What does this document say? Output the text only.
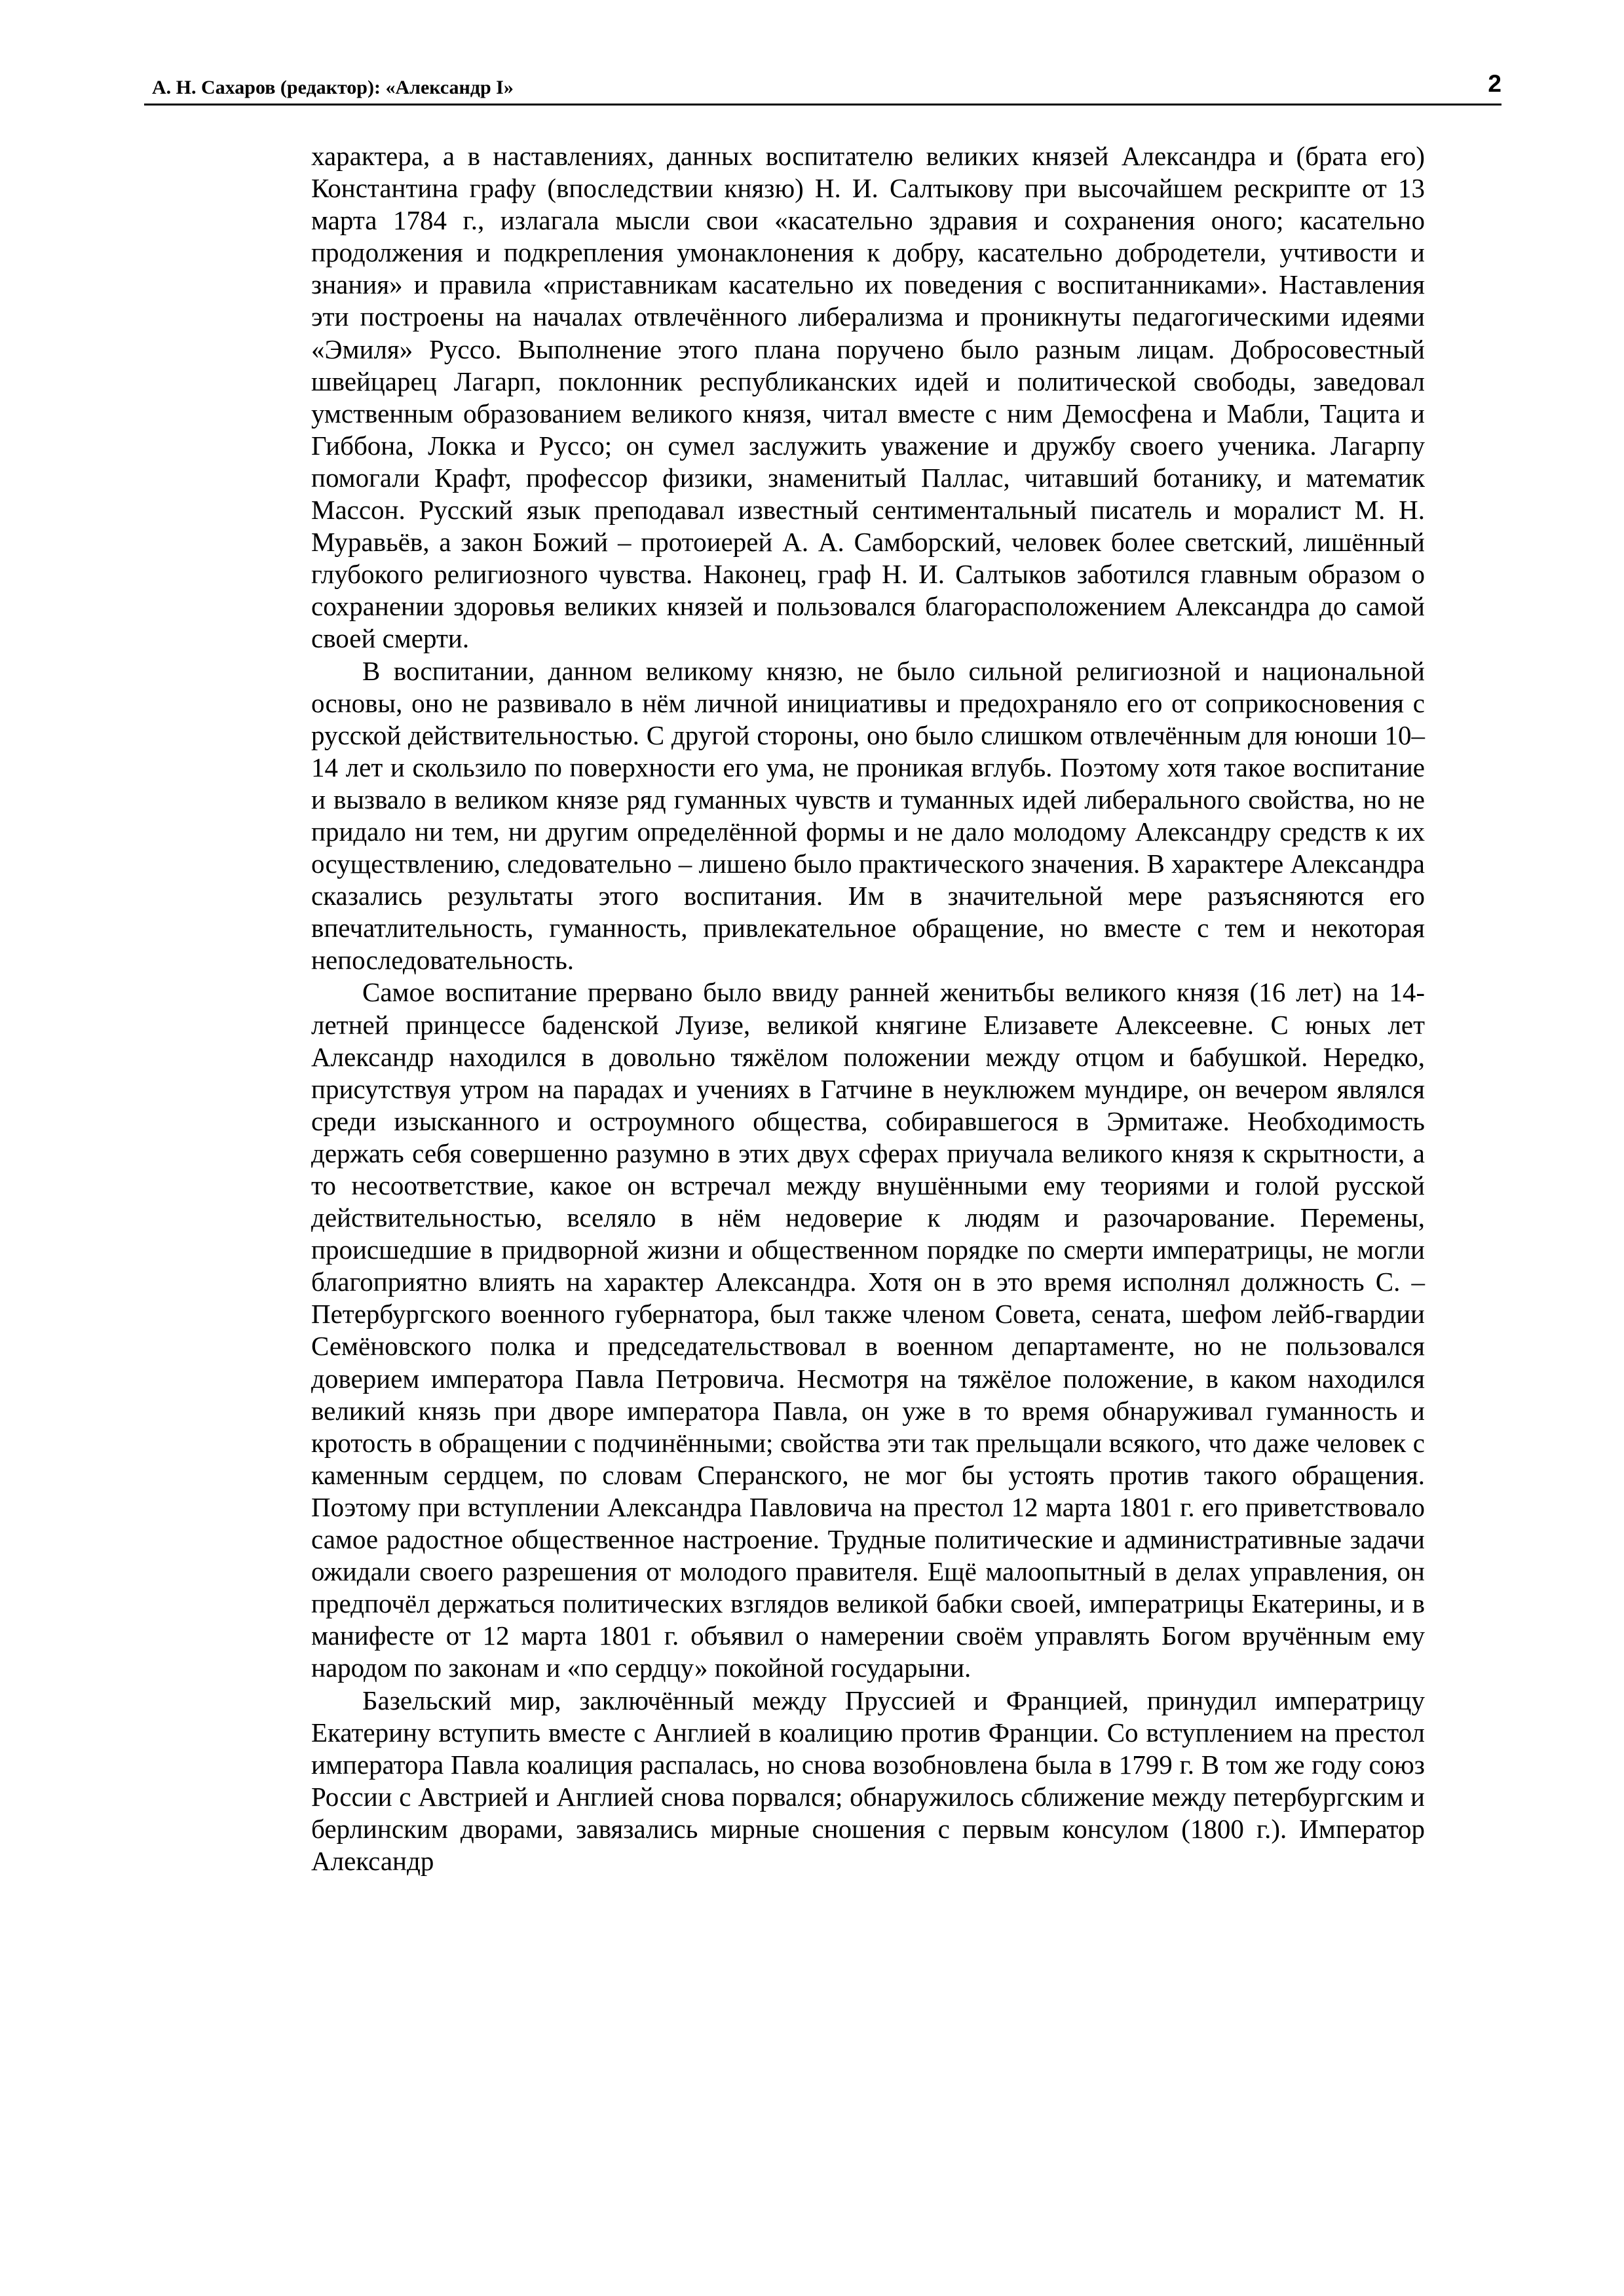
А. Н. Сахаров (редактор): «Александр I»	2

характера, а в наставлениях, данных воспитателю великих князей Александра и (брата его) Константина графу (впоследствии князю) Н. И. Салтыкову при высочайшем рескрипте от 13 марта 1784 г., излагала мысли свои «касательно здравия и сохранения оного; касательно продолжения и подкрепления умонаклонения к добру, касательно добродетели, учтивости и знания» и правила «приставникам касательно их поведения с воспитанниками». Наставления эти построены на началах отвлечённого либерализма и проникнуты педагогическими идеями «Эмиля» Руссо. Выполнение этого плана поручено было разным лицам. Добросовестный швейцарец Лагарп, поклонник республиканских идей и политической свободы, заведовал умственным образованием великого князя, читал вместе с ним Демосфена и Мабли, Тацита и Гиббона, Локка и Руссо; он сумел заслужить уважение и дружбу своего ученика. Лагарпу помогали Крафт, профессор физики, знаменитый Паллас, читавший ботанику, и математик Массон. Русский язык преподавал известный сентиментальный писатель и моралист М. Н. Муравьёв, а закон Божий – протоиерей А. А. Самборский, человек более светский, лишённый глубокого религиозного чувства. Наконец, граф Н. И. Салтыков заботился главным образом о сохранении здоровья великих князей и пользовался благорасположением Александра до самой своей смерти.

В воспитании, данном великому князю, не было сильной религиозной и национальной основы, оно не развивало в нём личной инициативы и предохраняло его от соприкосновения с русской действительностью. С другой стороны, оно было слишком отвлечённым для юноши 10–14 лет и скользило по поверхности его ума, не проникая вглубь. Поэтому хотя такое воспитание и вызвало в великом князе ряд гуманных чувств и туманных идей либерального свойства, но не придало ни тем, ни другим определённой формы и не дало молодому Александру средств к их осуществлению, следовательно – лишено было практического значения. В характере Александра сказались результаты этого воспитания. Им в значительной мере разъясняются его впечатлительность, гуманность, привлекательное обращение, но вместе с тем и некоторая непоследовательность.

Самое воспитание прервано было ввиду ранней женитьбы великого князя (16 лет) на 14-летней принцессе баденской Луизе, великой княгине Елизавете Алексеевне. С юных лет Александр находился в довольно тяжёлом положении между отцом и бабушкой. Нередко, присутствуя утром на парадах и учениях в Гатчине в неуклюжем мундире, он вечером являлся среди изысканного и остроумного общества, собиравшегося в Эрмитаже. Необходимость держать себя совершенно разумно в этих двух сферах приучала великого князя к скрытности, а то несоответствие, какое он встречал между внушёнными ему теориями и голой русской действительностью, вселяло в нём недоверие к людям и разочарование. Перемены, происшедшие в придворной жизни и общественном порядке по смерти императрицы, не могли благоприятно влиять на характер Александра. Хотя он в это время исполнял должность С. – Петербургского военного губернатора, был также членом Совета, сената, шефом лейб-гвардии Семёновского полка и председательствовал в военном департаменте, но не пользовался доверием императора Павла Петровича. Несмотря на тяжёлое положение, в каком находился великий князь при дворе императора Павла, он уже в то время обнаруживал гуманность и кротость в обращении с подчинёнными; свойства эти так прельщали всякого, что даже человек с каменным сердцем, по словам Сперанского, не мог бы устоять против такого обращения. Поэтому при вступлении Александра Павловича на престол 12 марта 1801 г. его приветствовало самое радостное общественное настроение. Трудные политические и административные задачи ожидали своего разрешения от молодого правителя. Ещё малоопытный в делах управления, он предпочёл держаться политических взглядов великой бабки своей, императрицы Екатерины, и в манифесте от 12 марта 1801 г. объявил о намерении своём управлять Богом вручённым ему народом по законам и «по сердцу» покойной государыни.

Базельский мир, заключённый между Пруссией и Францией, принудил императрицу Екатерину вступить вместе с Англией в коалицию против Франции. Со вступлением на престол императора Павла коалиция распалась, но снова возобновлена была в 1799 г. В том же году союз России с Австрией и Англией снова порвался; обнаружилось сближение между петербургским и берлинским дворами, завязались мирные сношения с первым консулом (1800 г.). Император Александр
